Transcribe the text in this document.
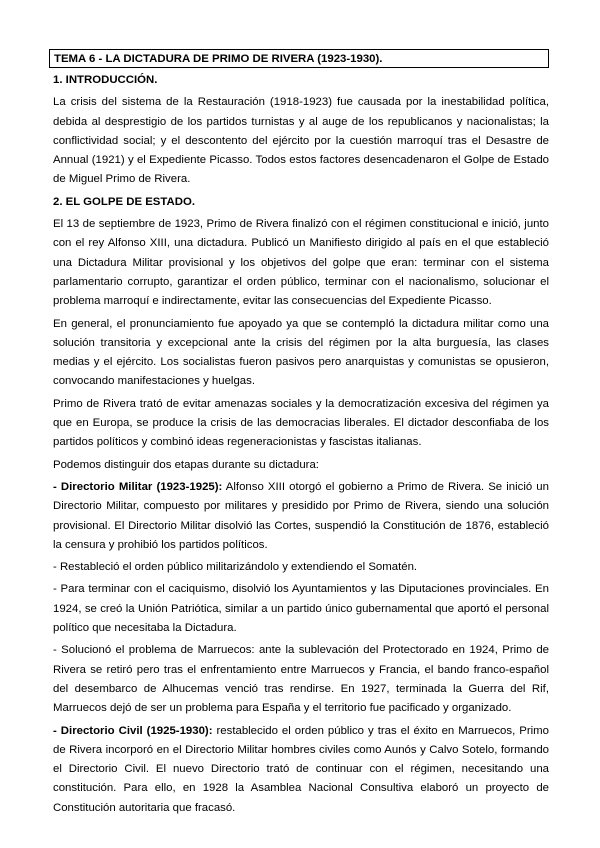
TEMA 6 - LA DICTADURA DE PRIMO DE RIVERA (1923-1930).
1. INTRODUCCIÓN.

La crisis del sistema de la Restauración (1918-1923) fue causada por la inestabilidad política, debida al desprestigio de los partidos turnistas y al auge de los republicanos y nacionalistas; la conflictividad social; y el descontento del ejército por la cuestión marroquí tras el Desastre de Annual (1921) y el Expediente Picasso. Todos estos factores desencadenaron el Golpe de Estado de Miguel Primo de Rivera.

2. EL GOLPE DE ESTADO.

El 13 de septiembre de 1923, Primo de Rivera finalizó con el régimen constitucional e inició, junto con el rey Alfonso XIII, una dictadura. Publicó un Manifiesto dirigido al país en el que estableció una Dictadura Militar provisional y los objetivos del golpe que eran: terminar con el sistema parlamentario corrupto, garantizar el orden público, terminar con el nacionalismo, solucionar el problema marroquí e indirectamente, evitar las consecuencias del Expediente Picasso.

En general, el pronunciamiento fue apoyado ya que se contempló la dictadura militar como una solución transitoria y excepcional ante la crisis del régimen por la alta burguesía, las clases medias y el ejército. Los socialistas fueron pasivos pero anarquistas y comunistas se opusieron, convocando manifestaciones y huelgas.

Primo de Rivera trató de evitar amenazas sociales y la democratización excesiva del régimen ya que en Europa, se produce la crisis de las democracias liberales. El dictador desconfiaba de los partidos políticos y combinó ideas regeneracionistas y fascistas italianas.

Podemos distinguir dos etapas durante su dictadura:

- Directorio Militar (1923-1925): Alfonso XIII otorgó el gobierno a Primo de Rivera. Se inició un Directorio Militar, compuesto por militares y presidido por Primo de Rivera, siendo una solución provisional. El Directorio Militar disolvió las Cortes, suspendió la Constitución de 1876, estableció la censura y prohibió los partidos políticos.

- Restableció el orden público militarizándolo y extendiendo el Somatén.

- Para terminar con el caciquismo, disolvió los Ayuntamientos y las Diputaciones provinciales. En 1924, se creó la Unión Patriótica, similar a un partido único gubernamental que aportó el personal político que necesitaba la Dictadura.

- Solucionó el problema de Marruecos: ante la sublevación del Protectorado en 1924, Primo de Rivera se retiró pero tras el enfrentamiento entre Marruecos y Francia, el bando franco-español del desembarco de Alhucemas venció tras rendirse. En 1927, terminada la Guerra del Rif, Marruecos dejó de ser un problema para España y el territorio fue pacificado y organizado.

- Directorio Civil (1925-1930): restablecido el orden público y tras el éxito en Marruecos, Primo de Rivera incorporó en el Directorio Militar hombres civiles como Aunós y Calvo Sotelo, formando el Directorio Civil. El nuevo Directorio trató de continuar con el régimen, necesitando una constitución. Para ello, en 1928 la Asamblea Nacional Consultiva elaboró un proyecto de Constitución autoritaria que fracasó.
